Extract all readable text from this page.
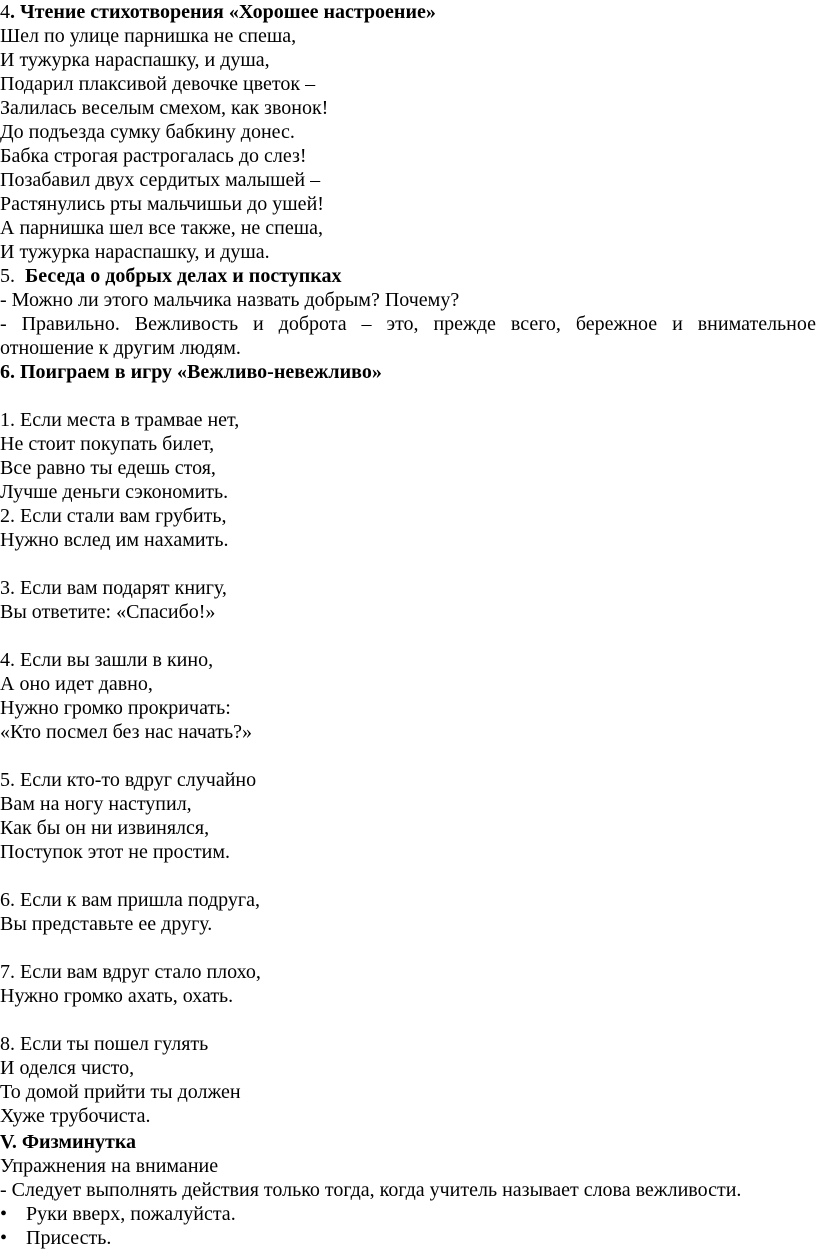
4. Чтение стихотворения «Хорошее настроение»
Шел по улице парнишка не спеша,
И тужурка нараспашку, и душа,
Подарил плаксивой девочке цветок –
Залилась веселым смехом, как звонок!
До подъезда сумку бабкину донес.
Бабка строгая растрогалась до слез!
Позабавил двух сердитых малышей –
Растянулись рты мальчишьи до ушей!
А парнишка шел все также, не спеша,
И тужурка нараспашку, и душа.
5. Беседа о добрых делах и поступках
- Можно ли этого мальчика назвать добрым? Почему?
- Правильно. Вежливость и доброта – это, прежде всего, бережное и внимательное
отношение к другим людям.
6. Поиграем в игру «Вежливо-невежливо»
1. Если места в трамвае нет,
Не стоит покупать билет,
Все равно ты едешь стоя,
Лучше деньги сэкономить.
2. Если стали вам грубить,
Нужно вслед им нахамить.
3. Если вам подарят книгу,
Вы ответите: «Спасибо!»
4. Если вы зашли в кино,
А оно идет давно,
Нужно громко прокричать:
«Кто посмел без нас начать?»
5. Если кто-то вдруг случайно
Вам на ногу наступил,
Как бы он ни извинялся,
Поступок этот не простим.
6. Если к вам пришла подруга,
Вы представьте ее другу.
7. Если вам вдруг стало плохо,
Нужно громко ахать, охать.
8. Если ты пошел гулять
И оделся чисто,
То домой прийти ты должен
Хуже трубочиста.
V. Физминутка
Упражнения на внимание
- Следует выполнять действия только тогда, когда учитель называет слова вежливости.
• Руки вверх, пожалуйста.
• Присесть.
